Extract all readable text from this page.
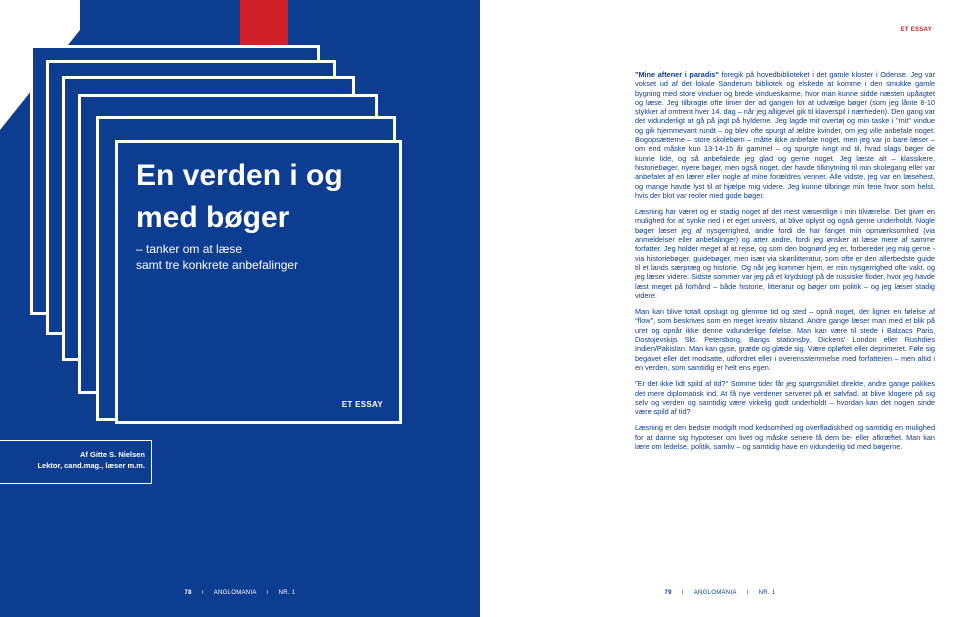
En verden i og med bøger

– tanker om at læse
samt tre konkrete anbefalinger

ET ESSAY
Af Gitte S. Nielsen
Lektor, cand.mag., læser m.m.
78 I ANGLOMANIA I NR. 1
ET ESSAY

"Mine aftener i paradis" foregik på hovedbiblioteket i det gamle kloster i Odense. Jeg var vokset ud af det lokale Sanderum bibliotek og elskede at komme i den smukke gamle bygning med store vinduer og brede vindueskarme, hvor man kunne sidde næsten upåagtet og læse. Jeg tilbragte ofte timer der ad gangen for at udvælge bøger (som jeg lånte 8-10 stykker af omtrent hver 14. dag – når jeg alligevel gik til klaverspil i nærheden). Den gang var det vidunderligt at gå på jagt på hylderne. Jeg lagde mit overtøj og min taske i "mit" vindue og gik hjemmevant rundt – og blev ofte spurgt af ældre kvinder, om jeg ville anbefale noget. Bogopsætterne – store skolebørn – måtte ikke anbefale noget, men jeg var jo bare læser – om end måske kun 13-14-15 år gammel – og spurgte ivrigt ind til, hvad slags bøger de kunne lide, og så anbefalede jeg glad og gerne noget. Jeg læste alt – klassikere, historiebøger, nyere bøger, men også noget, der havde tilknytning til min skolegang eller var anbefalet af en lærer eller nogle af mine forældres venner. Alle vidste, jeg var en læsehest, og mange havde lyst til at hjælpe mig videre. Jeg kunne tilbringe min ferie hvor som helst, hvis der blot var reoler med gode bøger.

Læsning har været og er stadig noget af det mest væsentlige i min tilværelse. Det giver en mulighed for at synke ned i et eget univers, at blive oplyst og også gerne underholdt. Nogle bøger læser jeg af nysgerrighed, andre fordi de har fanget min opmærksomhed (via anmeldelser eller anbefalinger) og atter andre, fordi jeg ønsker at læse mere af samme forfatter. Jeg holder meget af at rejse, og som den bognørd jeg er, forbereder jeg mig gerne - via historiebøger, guidebøger, men især via skønlitteratur, som ofte er den allerbedste guide til et lands særpræg og historie. Og når jeg kommer hjem, er min nysgerrighed ofte vakt, og jeg læser videre. Sidste sommer var jeg på et krydstogt på de russiske floder, hvor jeg havde læst meget på forhånd – både historie, litteratur og bøger om politik – og jeg læser stadig videre.

Man kan blive totalt opslugt og glemme tid og sted – opnå noget, der ligner en følelse af "flow", som beskrives som en meget kreativ tilstand. Andre gange læser man med et blik på uret og opnår ikke denne vidunderlige følelse. Man kan være til stede i Balzacs Paris, Dostojevskijs Skt. Petersborg, Bangs stationsby, Dickens' London eller Rushdies Indien/Pakistan. Man kan gyse, græde og glæde sig. Være opløftet eller deprimeret. Føle sig begavet eller det modsatte, udfordret eller i overensstemmelse med forfatteren – men altid i en verden, som samtidig er helt ens egen.

"Er det ikke lidt spild af tid?" Somme tider får jeg spørgsmålet direkte, andre gange pakkes det mere diplomatisk ind. At få nye verdener serveret på et sølvfad, at blive klogere på sig selv og verden og samtidig være virkelig godt underholdt – hvordan kan det nogen sinde være spild af tid?

Læsning er den bedste modgift mod kedsomhed og overfladiskhed og samtidig en mulighed for at danne sig hypoteser om livet og måske senere få dem be- eller afkræftet. Man kan lære om ledelse, politik, samliv – og samtidig have en vidunderlig tid med bøgerne.

79 I ANGLOMANIA I NR. 1
